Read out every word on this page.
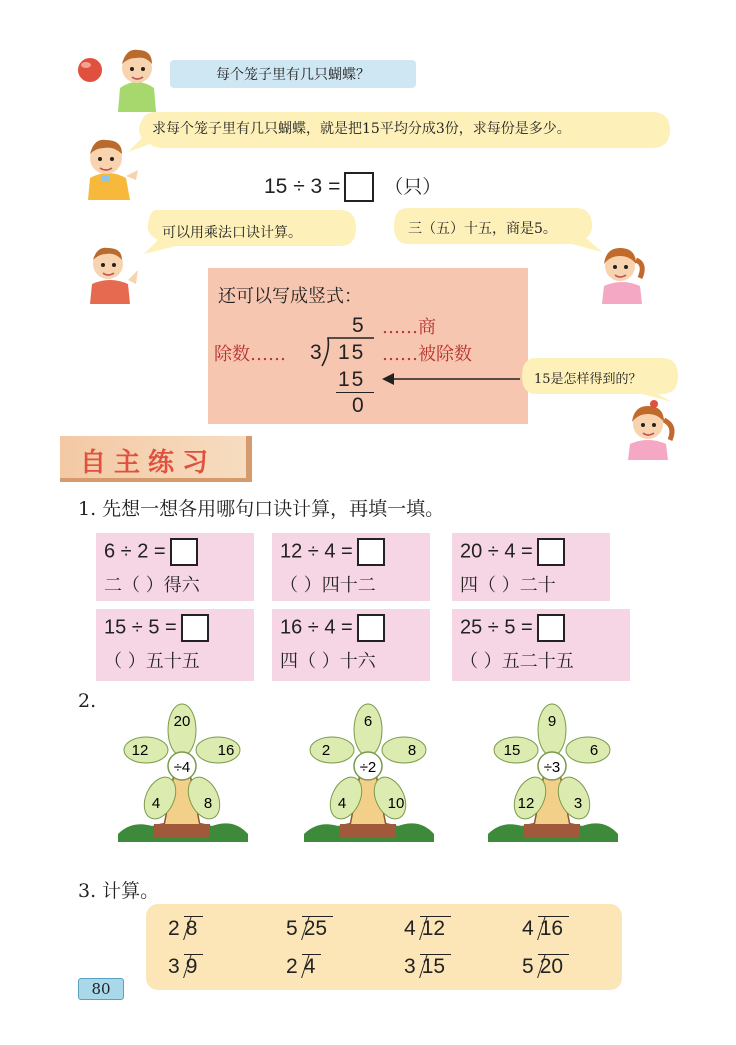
每个笼子里有几只蝴蝶？
求每个笼子里有几只蝴蝶，就是把15平均分成3份，求每份是多少。
15 ÷ 3 = （只）
可以用乘法口诀计算。	三（五）十五，商是5。
还可以写成竖式：
5 ……商
除数…… 3 15 ……被除数
15
0
15是怎样得到的？
自主练习
1. 先想一想各用哪句口诀计算，再填一填。
6 ÷ 2 =
二（ ）得六
12 ÷ 4 =
（ ）四十二
20 ÷ 4 =
四（ ）二十
15 ÷ 5 =
（ ）五十五
16 ÷ 4 =
四（ ）十六
25 ÷ 5 =
（ ）五二十五
2.
20
16
8
4
12
÷4
6
8
10
4
2
÷2
9
6
3
12
15
÷3
3. 计算。
2 8	5 25	4 12	4 16
3 9	2 4	3 15	5 20
80
